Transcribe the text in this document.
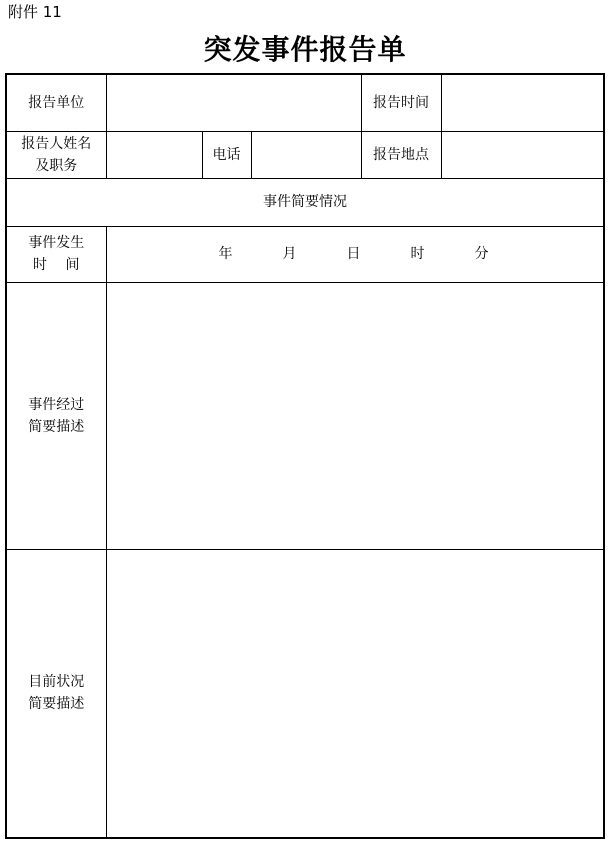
附件 11
突发事件报告单
报告单位				报告时间	

报告人姓名
及职务		电话		报告地点	
事件简要情况					

事件发生
时　 间	年 月 日 时 分				

事件经过
简要描述					

目前状况
简要描述					
